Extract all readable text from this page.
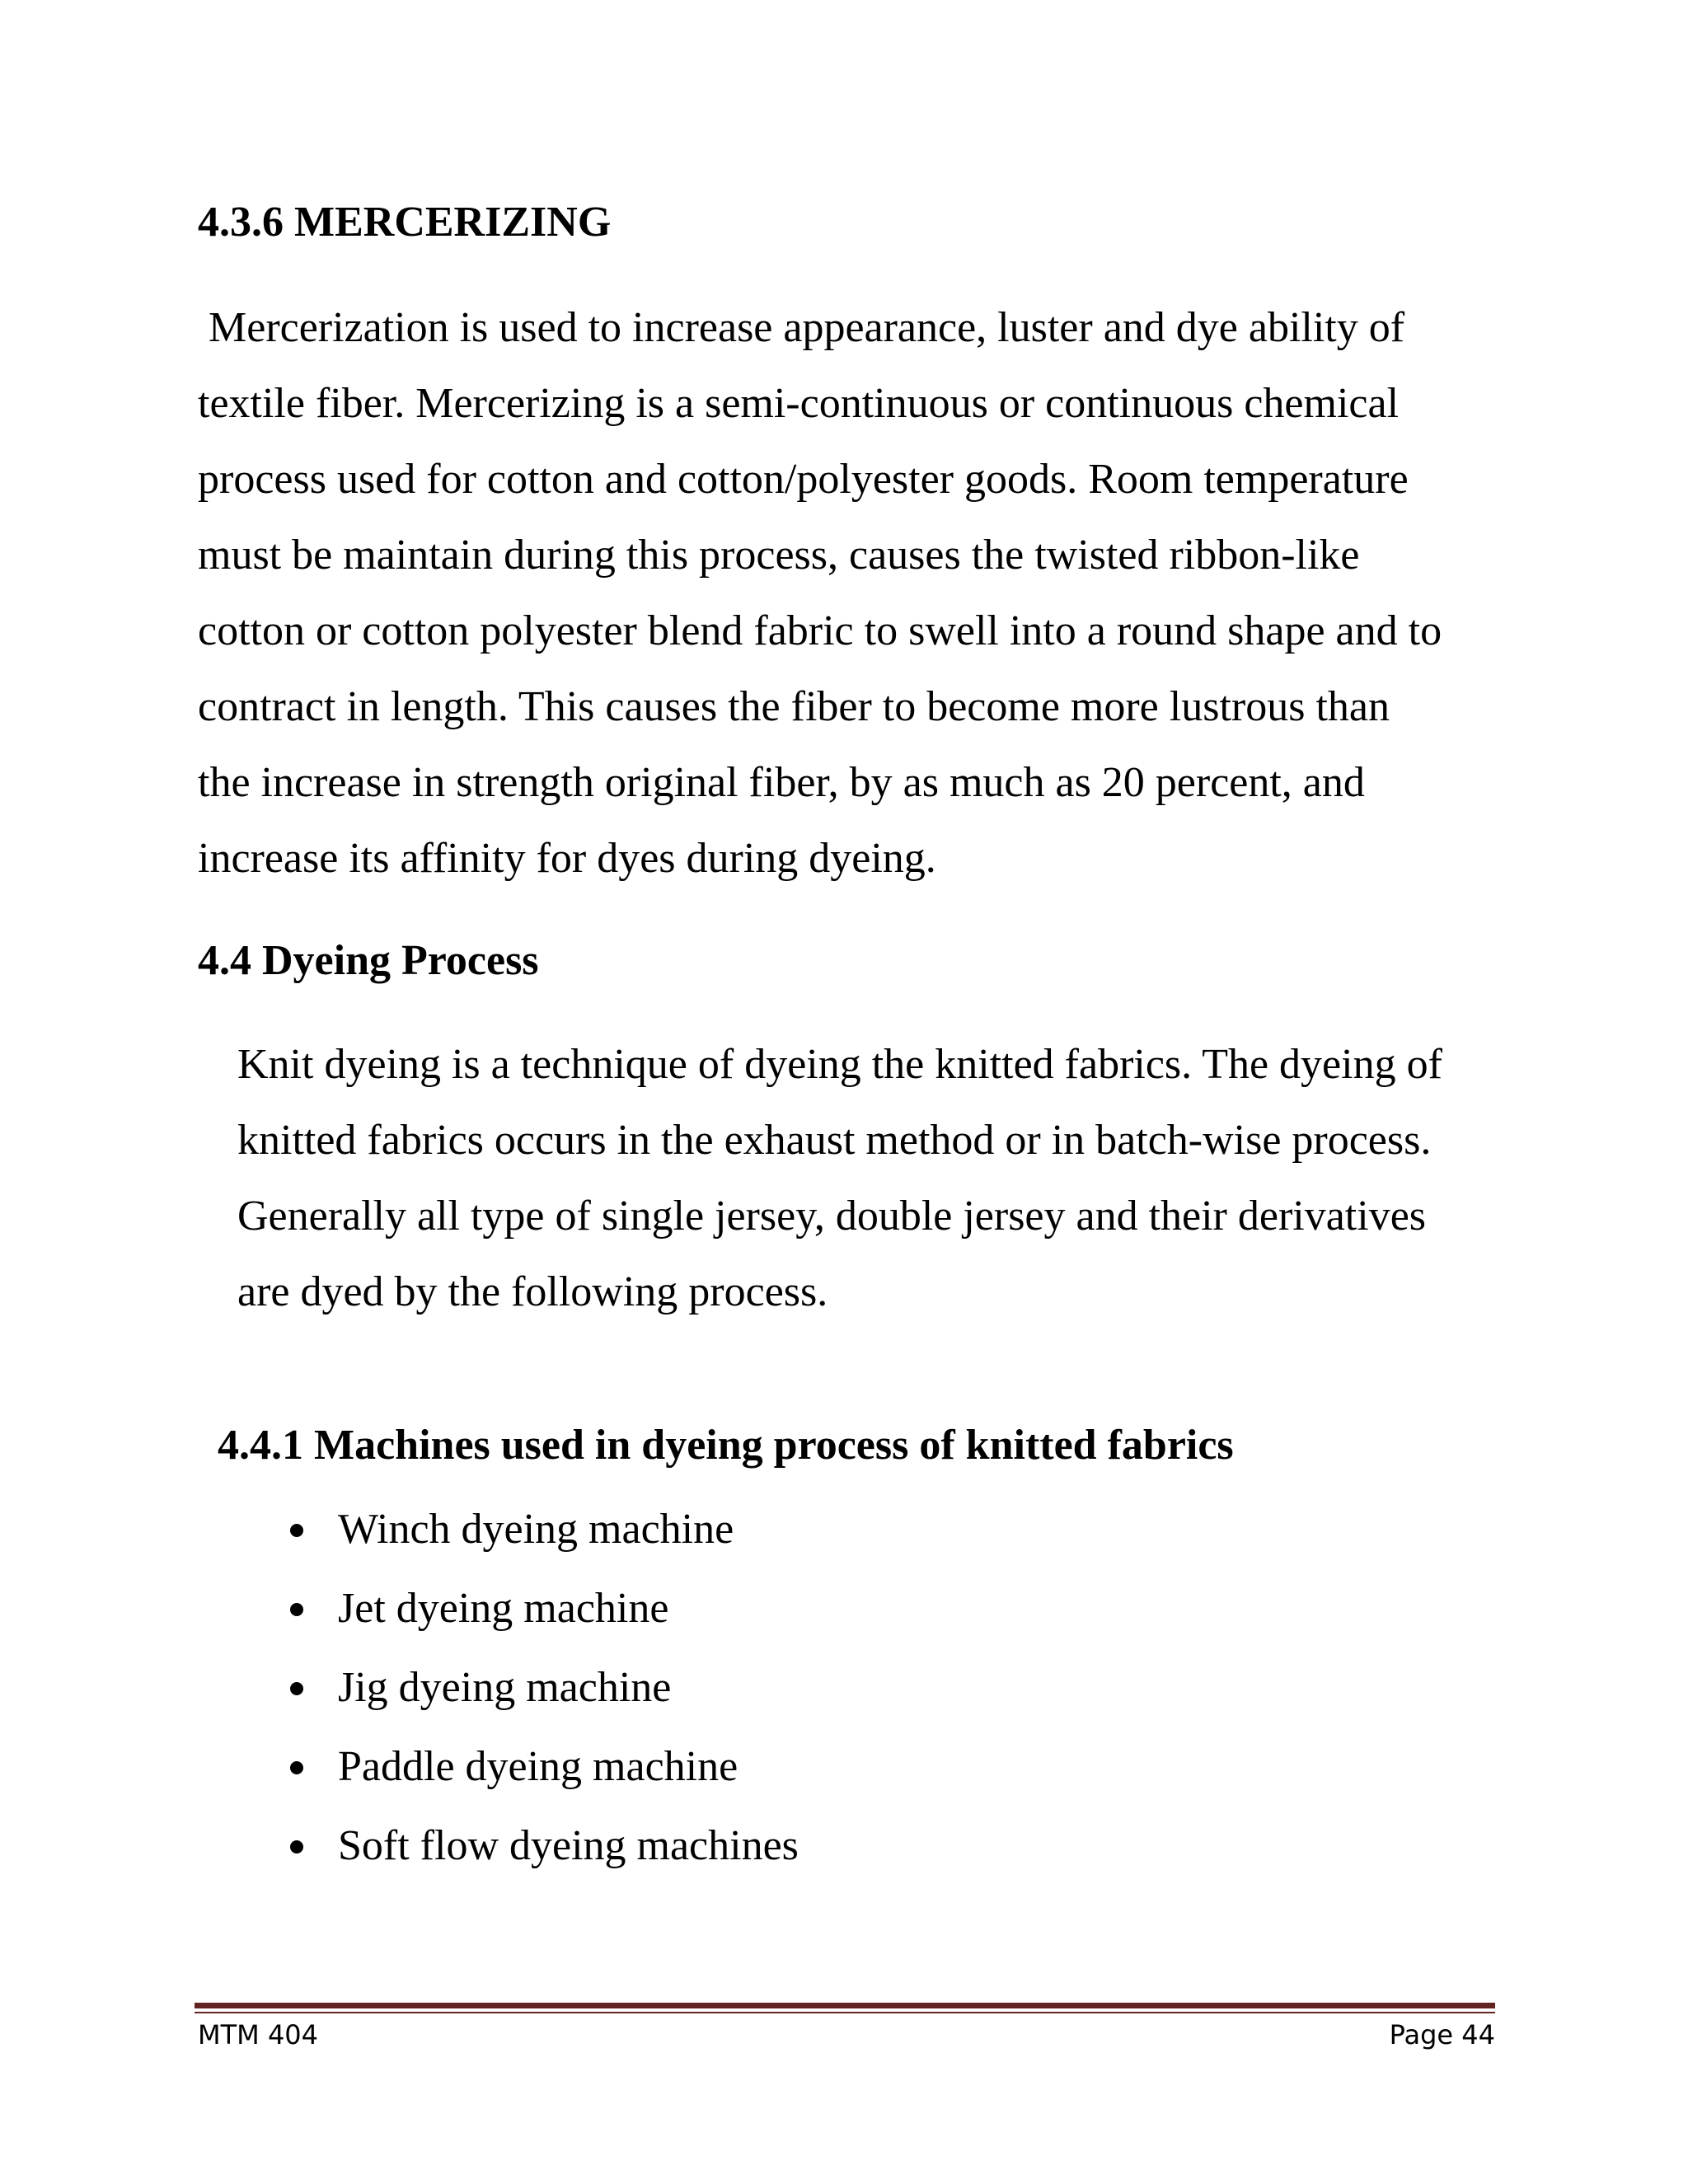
4.3.6 MERCERIZING
Mercerization is used to increase appearance, luster and dye ability of
textile fiber. Mercerizing is a semi-continuous or continuous chemical
process used for cotton and cotton/polyester goods. Room temperature
must be maintain during this process, causes the twisted ribbon-like
cotton or cotton polyester blend fabric to swell into a round shape and to
contract in length. This causes the fiber to become more lustrous than
the increase in strength original fiber, by as much as 20 percent, and
increase its affinity for dyes during dyeing.
4.4 Dyeing Process
Knit dyeing is a technique of dyeing the knitted fabrics. The dyeing of
knitted fabrics occurs in the exhaust method or in batch-wise process.
Generally all type of single jersey, double jersey and their derivatives
are dyed by the following process.
4.4.1 Machines used in dyeing process of knitted fabrics
Winch dyeing machine
Jet dyeing machine
Jig dyeing machine
Paddle dyeing machine
Soft flow dyeing machines
MTM 404	Page 44
